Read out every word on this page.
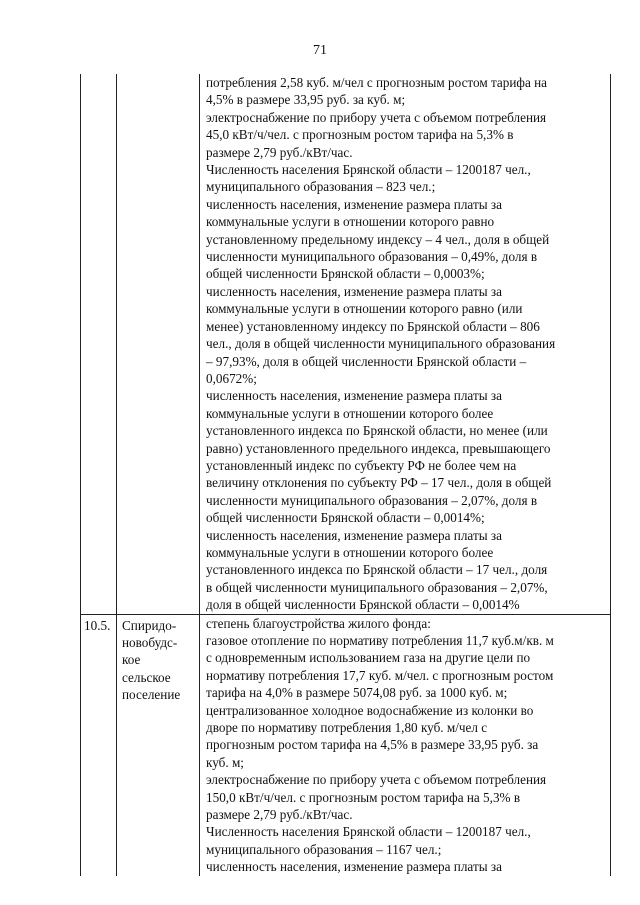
71
потребления 2,58 куб. м/чел с прогнозным ростом тарифа на
4,5% в размере 33,95 руб. за куб. м;
электроснабжение по прибору учета с объемом потребления
45,0 кВт/ч/чел. с прогнозным ростом тарифа на 5,3% в
размере 2,79 руб./кВт/час.
Численность населения Брянской области – 1200187 чел.,
муниципального образования – 823 чел.;
численность населения, изменение размера платы за
коммунальные услуги в отношении которого равно
установленному предельному индексу – 4 чел., доля в общей
численности муниципального образования – 0,49%, доля в
общей численности Брянской области – 0,0003%;
численность населения, изменение размера платы за
коммунальные услуги в отношении которого равно (или
менее) установленному индексу по Брянской области – 806
чел., доля в общей численности муниципального образования
– 97,93%, доля в общей численности Брянской области –
0,0672%;
численность населения, изменение размера платы за
коммунальные услуги в отношении которого более
установленного индекса по Брянской области, но менее (или
равно) установленного предельного индекса, превышающего
установленный индекс по субъекту РФ не более чем на
величину отклонения по субъекту РФ – 17 чел., доля в общей
численности муниципального образования – 2,07%, доля в
общей численности Брянской области – 0,0014%;
численность населения, изменение размера платы за
коммунальные услуги в отношении которого более
установленного индекса по Брянской области – 17 чел., доля
в общей численности муниципального образования – 2,07%,
доля в общей численности Брянской области – 0,0014%
10.5. Спиридо-
новобудс-
кое
сельское
поселение
степень благоустройства жилого фонда:
газовое отопление по нормативу потребления 11,7 куб.м/кв. м
с одновременным использованием газа на другие цели по
нормативу потребления 17,7 куб. м/чел. с прогнозным ростом
тарифа на 4,0% в размере 5074,08 руб. за 1000 куб. м;
централизованное холодное водоснабжение из колонки во
дворе по нормативу потребления 1,80 куб. м/чел с
прогнозным ростом тарифа на 4,5% в размере 33,95 руб. за
куб. м;
электроснабжение по прибору учета с объемом потребления
150,0 кВт/ч/чел. с прогнозным ростом тарифа на 5,3% в
размере 2,79 руб./кВт/час.
Численность населения Брянской области – 1200187 чел.,
муниципального образования – 1167 чел.;
численность населения, изменение размера платы за
